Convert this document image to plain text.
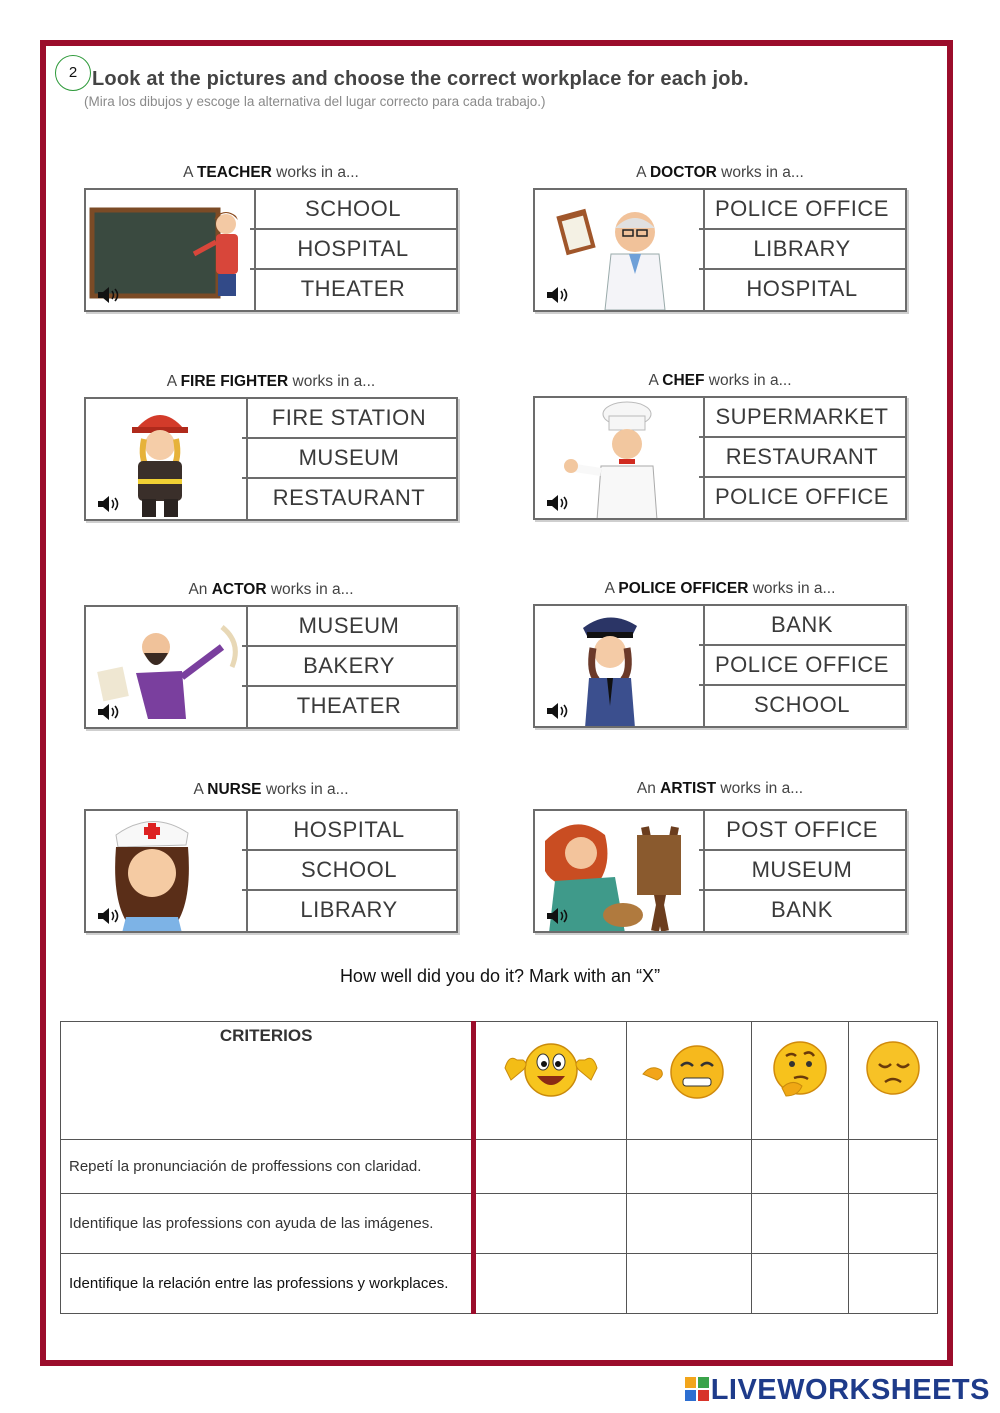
2 Look at the pictures and choose the correct workplace for each job.
(Mira los dibujos y escoge la alternativa del lugar correcto para cada trabajo.)
A TEACHER works in a...
SCHOOL
HOSPITAL
THEATER
A DOCTOR works in a...
POLICE OFFICE
LIBRARY
HOSPITAL
A FIRE FIGHTER works in a...
FIRE STATION
MUSEUM
RESTAURANT
A CHEF works in a...
SUPERMARKET
RESTAURANT
POLICE OFFICE
An ACTOR works in a...
MUSEUM
BAKERY
THEATER
A POLICE OFFICER works in a...
BANK
POLICE OFFICE
SCHOOL
A NURSE works in a...
HOSPITAL
SCHOOL
LIBRARY
An ARTIST works in a...
POST OFFICE
MUSEUM
BANK
How well did you do it? Mark with an “X”
CRITERIOS	

Repetí la pronunciación de proffessions con claridad.				
Identifique las professions con ayuda de las imágenes.				
Identifique la relación entre las professions y workplaces.				
LIVEWORKSHEETS
